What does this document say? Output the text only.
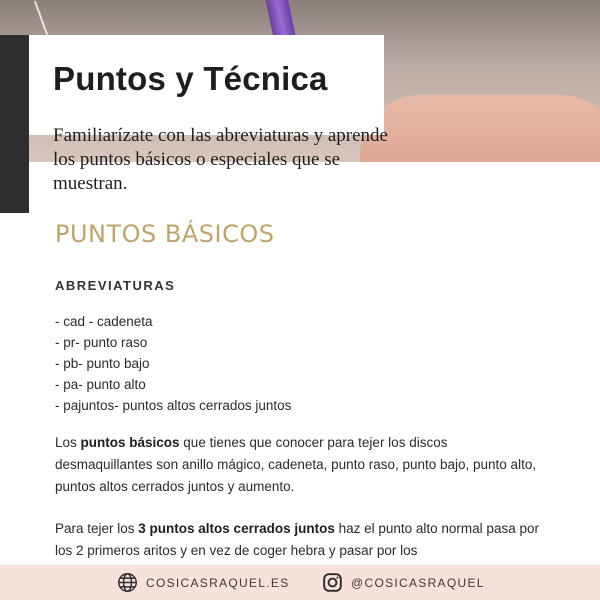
Puntos y Técnica

Familiarízate con las abreviaturas y aprende los puntos básicos o especiales que se muestran.

PUNTOS BÁSICOS
ABREVIATURAS
- cad - cadeneta
- pr- punto raso
- pb- punto bajo
- pa- punto alto
- pajuntos- puntos altos cerrados juntos

Los puntos básicos que tienes que conocer para tejer los discos desmaquillantes son anillo mágico, cadeneta, punto raso, punto bajo, punto alto, puntos altos cerrados juntos y aumento.

Para tejer los 3 puntos altos cerrados juntos haz el punto alto normal pasa por los 2 primeros aritos y en vez de coger hebra y pasar por los

COSICASRAQUEL.ES	@COSICASRAQUEL
